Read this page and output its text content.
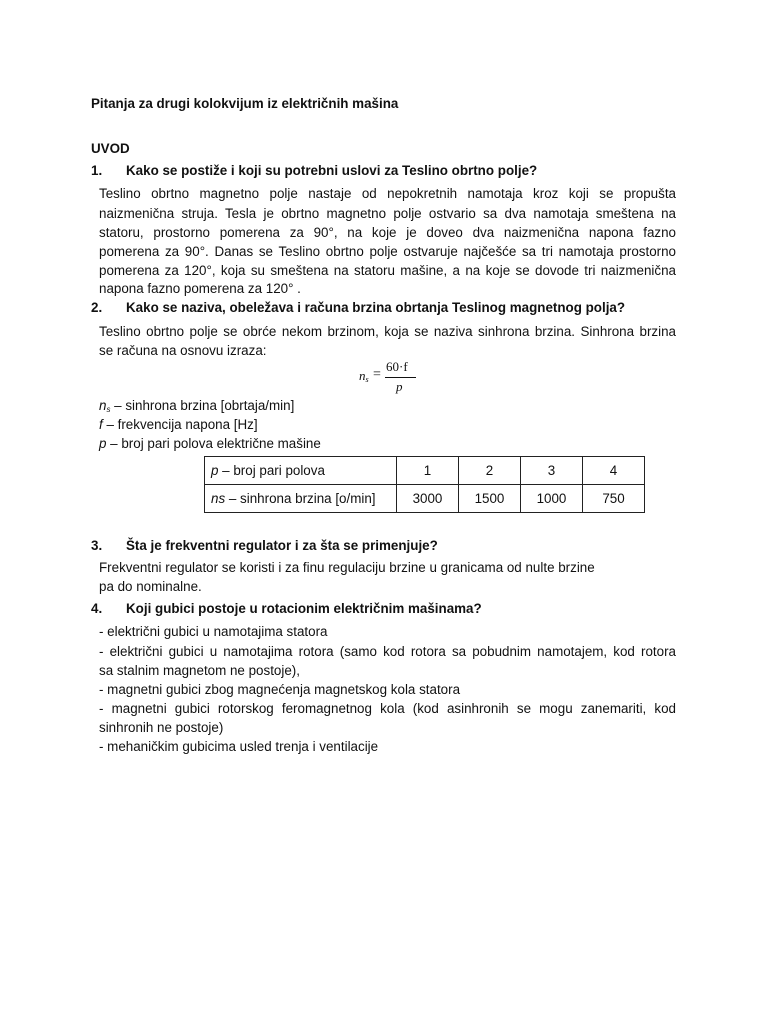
Pitanja za drugi kolokvijum iz električnih mašina
UVOD
1. Kako se postiže i koji su potrebni uslovi za Teslino obrtno polje?
Teslino obrtno magnetno polje nastaje od nepokretnih namotaja kroz koji se propušta
naizmenična struja. Tesla je obrtno magnetno polje ostvario sa dva namotaja smeštena na
statoru, prostorno pomerena za 90°, na koje je doveo dva naizmenična napona fazno
pomerena za 90°. Danas se Teslino obrtno polje ostvaruje najčešće sa tri namotaja prostorno
pomerena za 120°, koja su smeštena na statoru mašine, a na koje se dovode tri naizmenična
napona fazno pomerena za 120° .
2. Kako se naziva, obeležava i računa brzina obrtanja Teslinog magnetnog polja?
Teslino obrtno polje se obrće nekom brzinom, koja se naziva sinhrona brzina. Sinhrona brzina
se računa na osnovu izraza:
$n_s$ =
60·f
p
$n_s$ – sinhrona brzina [obrtaja/min]
f – frekvencija napona [Hz]
p – broj pari polova električne mašine
p – broj pari polova	1	2	3	4
ns – sinhrona brzina [o/min]	3000	1500	1000	750
3. Šta je frekventni regulator i za šta se primenjuje?
Frekventni regulator se koristi i za finu regulaciju brzine u granicama od nulte brzine
pa do nominalne.
4. Koji gubici postoje u rotacionim električnim mašinama?
- električni gubici u namotajima statora
- električni gubici u namotajima rotora (samo kod rotora sa pobudnim namotajem, kod rotora
sa stalnim magnetom ne postoje),
- magnetni gubici zbog magnećenja magnetskog kola statora
- magnetni gubici rotorskog feromagnetnog kola (kod asinhronih se mogu zanemariti, kod
sinhronih ne postoje)
- mehaničkim gubicima usled trenja i ventilacije
